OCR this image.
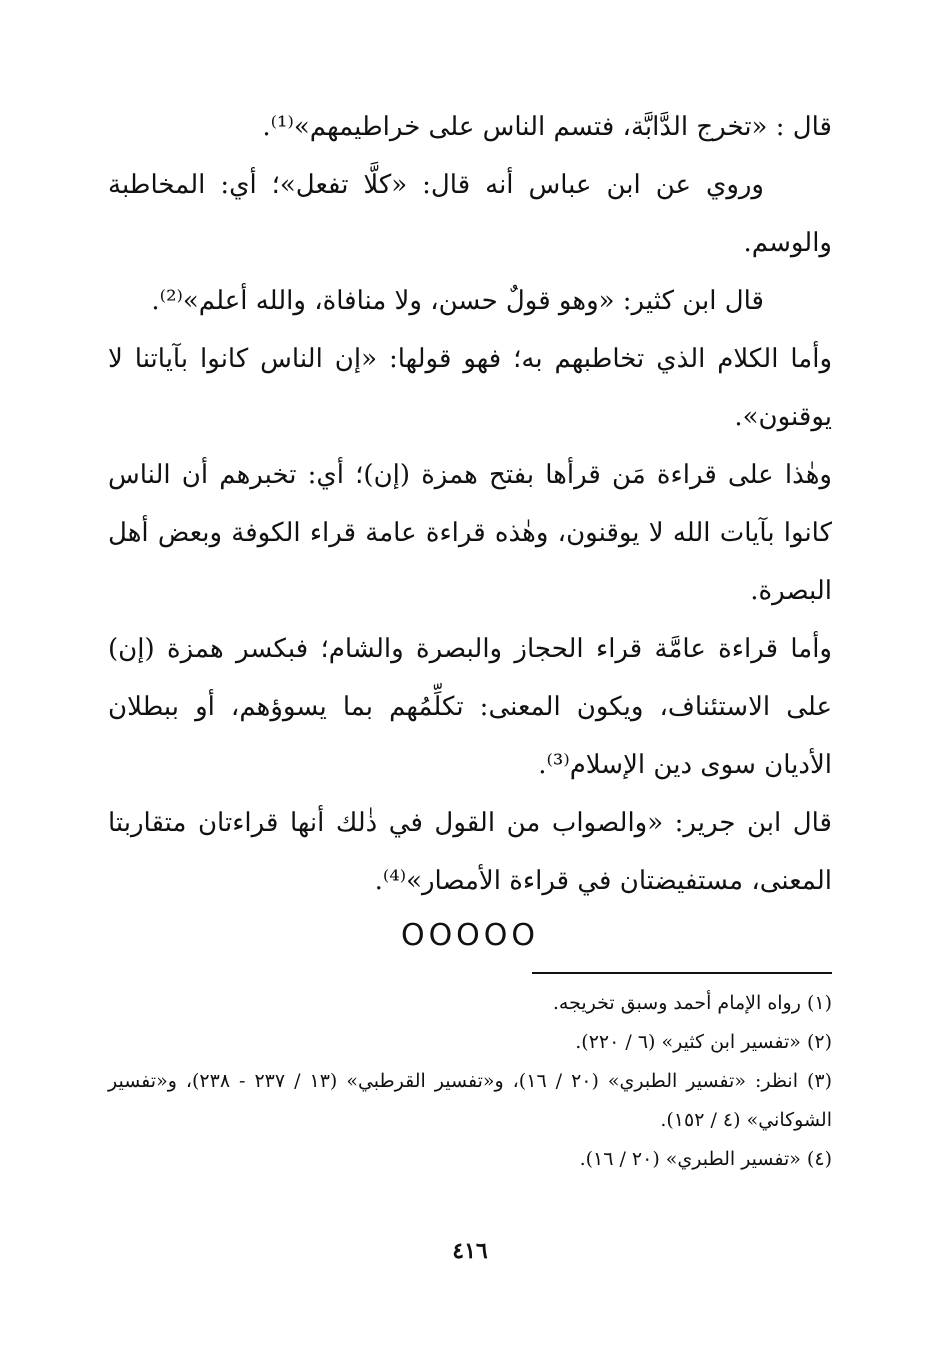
قال : «تخرج الدَّابَّة، فتسم الناس على خراطيمهم»⁽¹⁾.

وروي عن ابن عباس أنه قال: «كلَّا تفعل»؛ أي: المخاطبة والوسم.

قال ابن كثير: «وهو قولٌ حسن، ولا منافاة، والله أعلم»⁽²⁾.

وأما الكلام الذي تخاطبهم به؛ فهو قولها: «إن الناس كانوا بآياتنا لا يوقنون».

وهٰذا على قراءة مَن قرأها بفتح همزة (إن)؛ أي: تخبرهم أن الناس كانوا بآيات الله لا يوقنون، وهٰذه قراءة عامة قراء الكوفة وبعض أهل البصرة.

وأما قراءة عامَّة قراء الحجاز والبصرة والشام؛ فبكسر همزة (إن) على الاستئناف، ويكون المعنى: تكلِّمُهم بما يسوؤهم، أو ببطلان الأديان سوى دين الإسلام⁽³⁾.

قال ابن جرير: «والصواب من القول في ذٰلك أنها قراءتان متقاربتا المعنى، مستفيضتان في قراءة الأمصار»⁽⁴⁾.

OOOOO

(١) رواه الإمام أحمد وسبق تخريجه.

(٢) «تفسير ابن كثير» (٦ / ٢٢٠).

(٣) انظر: «تفسير الطبري» (٢٠ / ١٦)، و«تفسير القرطبي» (١٣ / ٢٣٧ - ٢٣٨)، و«تفسير الشوكاني» (٤ / ١٥٢).

(٤) «تفسير الطبري» (٢٠ / ١٦).

٤١٦
